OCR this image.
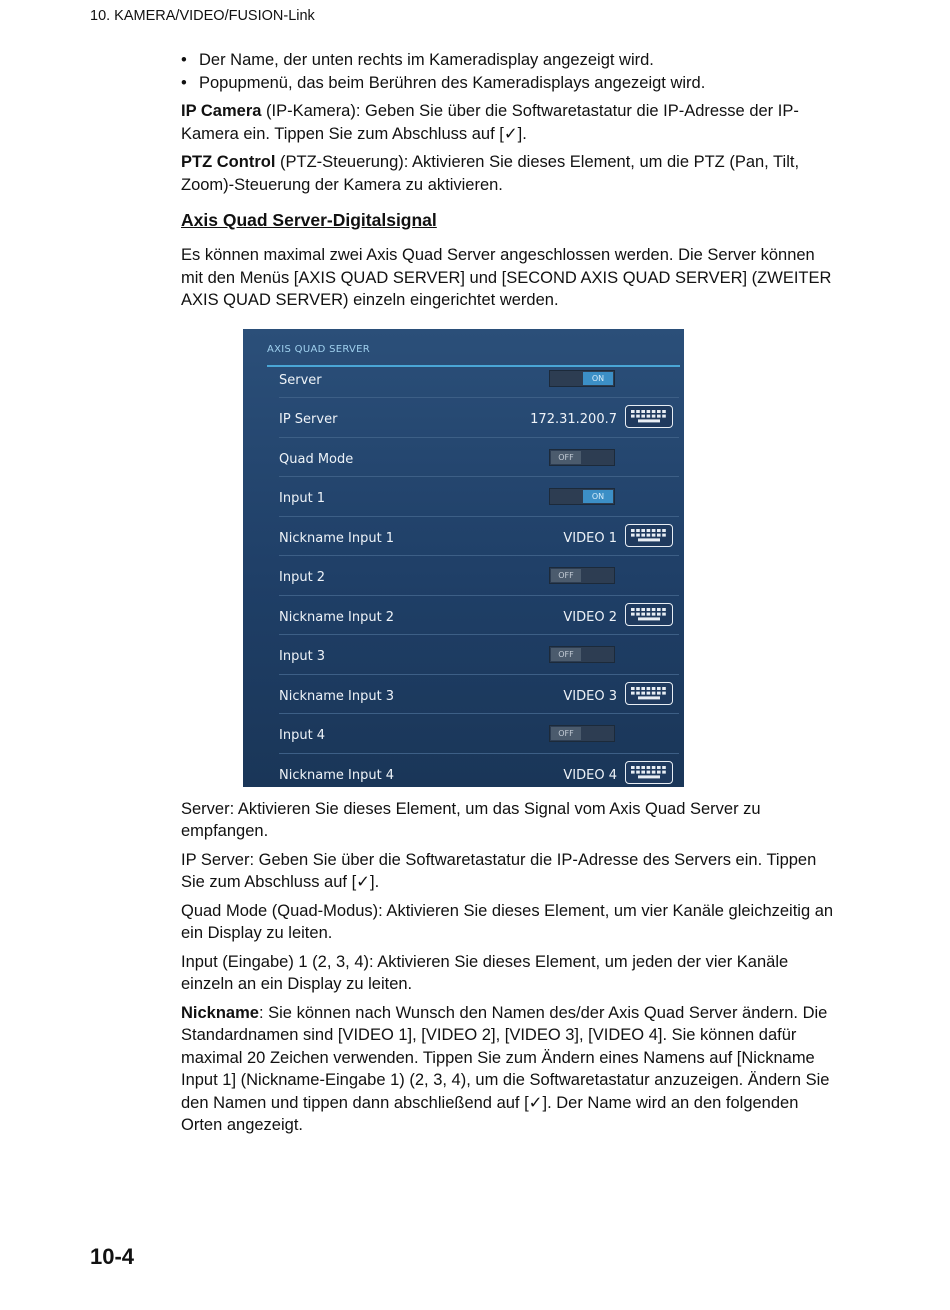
10. KAMERA/VIDEO/FUSION-Link
• Der Name, der unten rechts im Kameradisplay angezeigt wird.
• Popupmenü, das beim Berühren des Kameradisplays angezeigt wird.

IP Camera (IP-Kamera): Geben Sie über die Softwaretastatur die IP-Adresse der IP-Kamera ein. Tippen Sie zum Abschluss auf [✓].

PTZ Control (PTZ-Steuerung): Aktivieren Sie dieses Element, um die PTZ (Pan, Tilt, Zoom)-Steuerung der Kamera zu aktivieren.

Axis Quad Server-Digitalsignal

Es können maximal zwei Axis Quad Server angeschlossen werden. Die Server können mit den Menüs [AXIS QUAD SERVER] und [SECOND AXIS QUAD SERVER] (ZWEITER AXIS QUAD SERVER) einzeln eingerichtet werden.

AXIS QUAD SERVER
Server	ON
IP Server	172.31.200.7
Quad Mode	OFF
Input 1	ON
Nickname Input 1	VIDEO 1
Input 2	OFF
Nickname Input 2	VIDEO 2
Input 3	OFF
Nickname Input 3	VIDEO 3
Input 4	OFF
Nickname Input 4	VIDEO 4

Server: Aktivieren Sie dieses Element, um das Signal vom Axis Quad Server zu empfangen.

IP Server: Geben Sie über die Softwaretastatur die IP-Adresse des Servers ein. Tippen Sie zum Abschluss auf [✓].

Quad Mode (Quad-Modus): Aktivieren Sie dieses Element, um vier Kanäle gleichzeitig an ein Display zu leiten.

Input (Eingabe) 1 (2, 3, 4): Aktivieren Sie dieses Element, um jeden der vier Kanäle einzeln an ein Display zu leiten.

Nickname: Sie können nach Wunsch den Namen des/der Axis Quad Server ändern. Die Standardnamen sind [VIDEO 1], [VIDEO 2], [VIDEO 3], [VIDEO 4]. Sie können dafür maximal 20 Zeichen verwenden. Tippen Sie zum Ändern eines Namens auf [Nickname Input 1] (Nickname-Eingabe 1) (2, 3, 4), um die Softwaretastatur anzuzeigen. Ändern Sie den Namen und tippen dann abschließend auf [✓]. Der Name wird an den folgenden Orten angezeigt.

10-4
